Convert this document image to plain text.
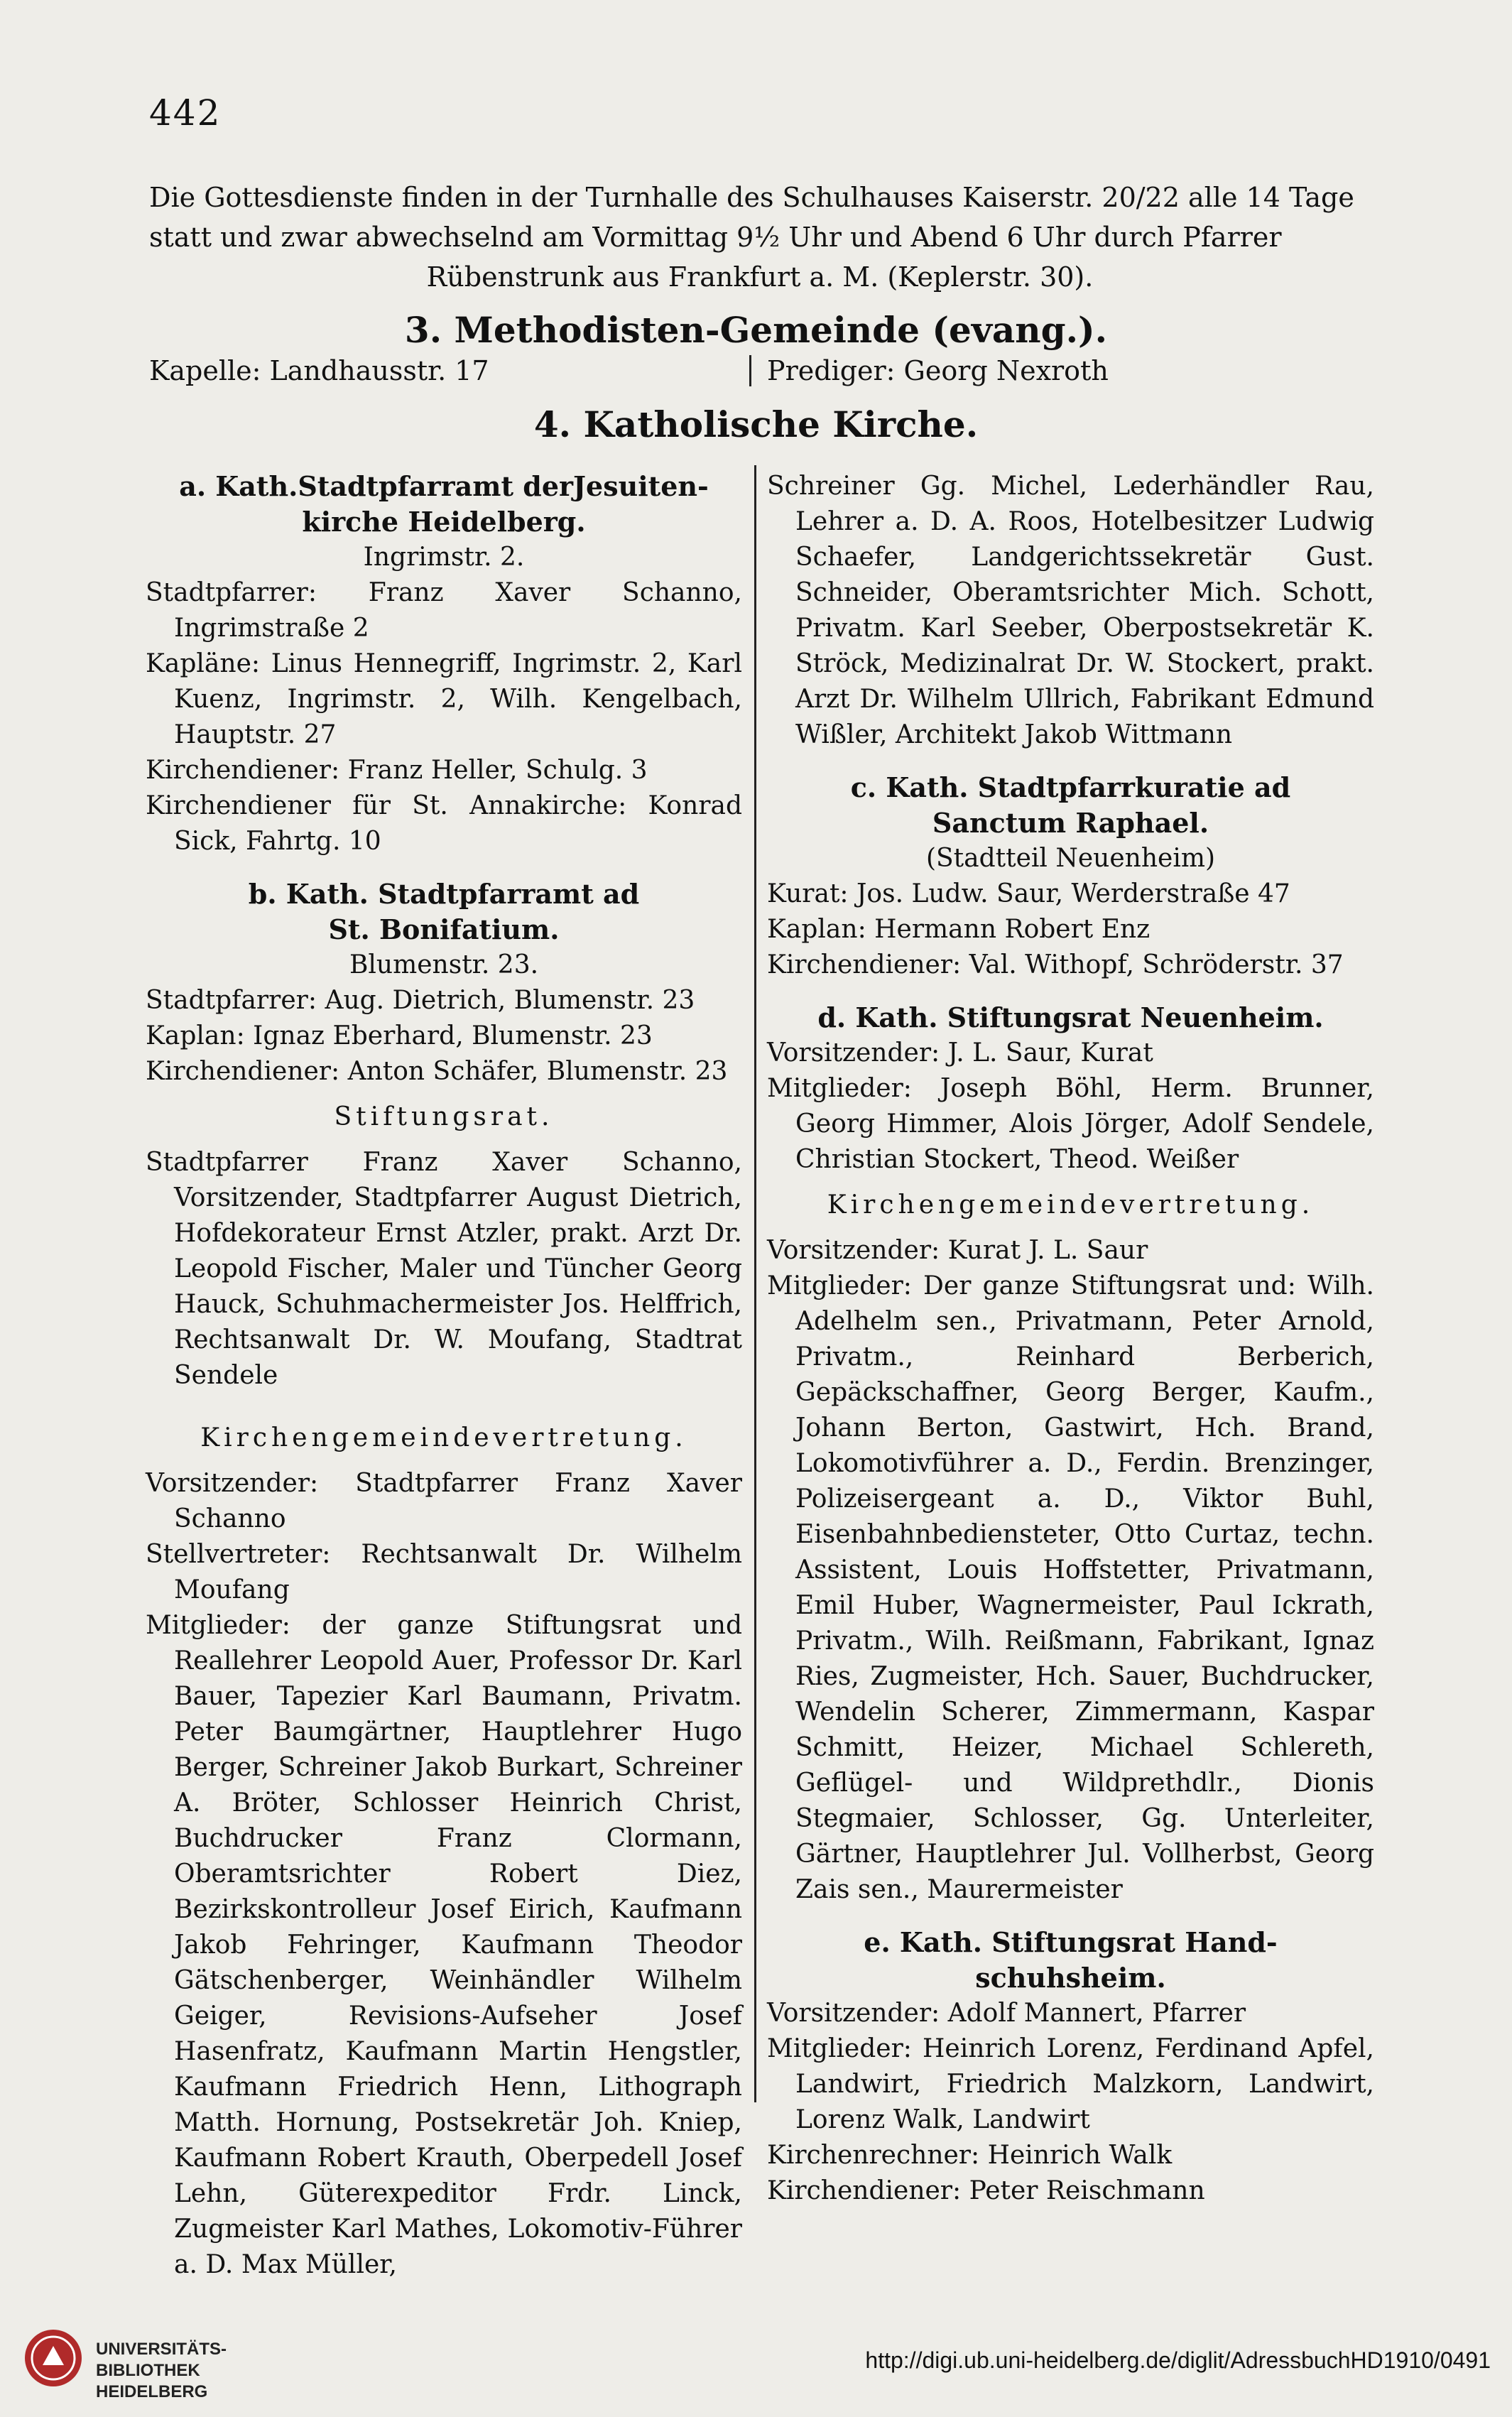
442

Die Gottesdienste finden in der Turnhalle des Schulhauses Kaiserstr. 20/22 alle 14 Tage

statt und zwar abwechselnd am Vormittag 9½ Uhr und Abend 6 Uhr durch Pfarrer

Rübenstrunk aus Frankfurt a. M. (Keplerstr. 30).

3. Methodisten-Gemeinde (evang.).
Kapelle: Landhausstr. 17	Prediger: Georg Nexroth
4. Katholische Kirche.

a. Kath.Stadtpfarramt derJesuiten-

kirche Heidelberg.

Ingrimstr. 2.

Stadtpfarrer: Franz Xaver Schanno, Ingrimstraße 2

Kapläne: Linus Hennegriff, Ingrimstr. 2, Karl Kuenz, Ingrimstr. 2, Wilh. Kengelbach, Hauptstr. 27

Kirchendiener: Franz Heller, Schulg. 3

Kirchendiener für St. Annakirche: Konrad Sick, Fahrtg. 10

b. Kath. Stadtpfarramt ad

St. Bonifatium.

Blumenstr. 23.

Stadtpfarrer: Aug. Dietrich, Blumenstr. 23

Kaplan: Ignaz Eberhard, Blumenstr. 23

Kirchendiener: Anton Schäfer, Blumenstr. 23

Stiftungsrat.

Stadtpfarrer Franz Xaver Schanno, Vorsitzender, Stadtpfarrer August Dietrich, Hofdekorateur Ernst Atzler, prakt. Arzt Dr. Leopold Fischer, Maler und Tüncher Georg Hauck, Schuhmachermeister Jos. Helffrich, Rechtsanwalt Dr. W. Moufang, Stadtrat Sendele

Kirchengemeindevertretung.

Vorsitzender: Stadtpfarrer Franz Xaver Schanno

Stellvertreter: Rechtsanwalt Dr. Wilhelm Moufang

Mitglieder: der ganze Stiftungsrat und Reallehrer Leopold Auer, Professor Dr. Karl Bauer, Tapezier Karl Baumann, Privatm. Peter Baumgärtner, Hauptlehrer Hugo Berger, Schreiner Jakob Burkart, Schreiner A. Bröter, Schlosser Heinrich Christ, Buchdrucker Franz Clormann, Oberamtsrichter Robert Diez, Bezirkskontrolleur Josef Eirich, Kaufmann Jakob Fehringer, Kaufmann Theodor Gätschenberger, Weinhändler Wilhelm Geiger, Revisions-Aufseher Josef Hasenfratz, Kaufmann Martin Hengstler, Kaufmann Friedrich Henn, Lithograph Matth. Hornung, Postsekretär Joh. Kniep, Kaufmann Robert Krauth, Oberpedell Josef Lehn, Güterexpeditor Frdr. Linck, Zugmeister Karl Mathes, Lokomotiv-Führer a. D. Max Müller,

Schreiner Gg. Michel, Lederhändler Rau, Lehrer a. D. A. Roos, Hotelbesitzer Ludwig Schaefer, Landgerichtssekretär Gust. Schneider, Oberamtsrichter Mich. Schott, Privatm. Karl Seeber, Oberpostsekretär K. Ströck, Medizinalrat Dr. W. Stockert, prakt. Arzt Dr. Wilhelm Ullrich, Fabrikant Edmund Wißler, Architekt Jakob Wittmann

c. Kath. Stadtpfarrkuratie ad

Sanctum Raphael.

(Stadtteil Neuenheim)

Kurat: Jos. Ludw. Saur, Werderstraße 47

Kaplan: Hermann Robert Enz

Kirchendiener: Val. Withopf, Schröderstr. 37

d. Kath. Stiftungsrat Neuenheim.

Vorsitzender: J. L. Saur, Kurat

Mitglieder: Joseph Böhl, Herm. Brunner, Georg Himmer, Alois Jörger, Adolf Sendele, Christian Stockert, Theod. Weißer

Kirchengemeindevertretung.

Vorsitzender: Kurat J. L. Saur

Mitglieder: Der ganze Stiftungsrat und: Wilh. Adelhelm sen., Privatmann, Peter Arnold, Privatm., Reinhard Berberich, Gepäckschaffner, Georg Berger, Kaufm., Johann Berton, Gastwirt, Hch. Brand, Lokomotivführer a. D., Ferdin. Brenzinger, Polizeisergeant a. D., Viktor Buhl, Eisenbahnbediensteter, Otto Curtaz, techn. Assistent, Louis Hoffstetter, Privatmann, Emil Huber, Wagnermeister, Paul Ickrath, Privatm., Wilh. Reißmann, Fabrikant, Ignaz Ries, Zugmeister, Hch. Sauer, Buchdrucker, Wendelin Scherer, Zimmermann, Kaspar Schmitt, Heizer, Michael Schlereth, Geflügel- und Wildprethdlr., Dionis Stegmaier, Schlosser, Gg. Unterleiter, Gärtner, Hauptlehrer Jul. Vollherbst, Georg Zais sen., Maurermeister

e. Kath. Stiftungsrat Hand-

schuhsheim.

Vorsitzender: Adolf Mannert, Pfarrer

Mitglieder: Heinrich Lorenz, Ferdinand Apfel, Landwirt, Friedrich Malzkorn, Landwirt, Lorenz Walk, Landwirt

Kirchenrechner: Heinrich Walk

Kirchendiener: Peter Reischmann

UNIVERSITÄTS-
BIBLIOTHEK
HEIDELBERG
http://digi.ub.uni-heidelberg.de/diglit/AdressbuchHD1910/0491
